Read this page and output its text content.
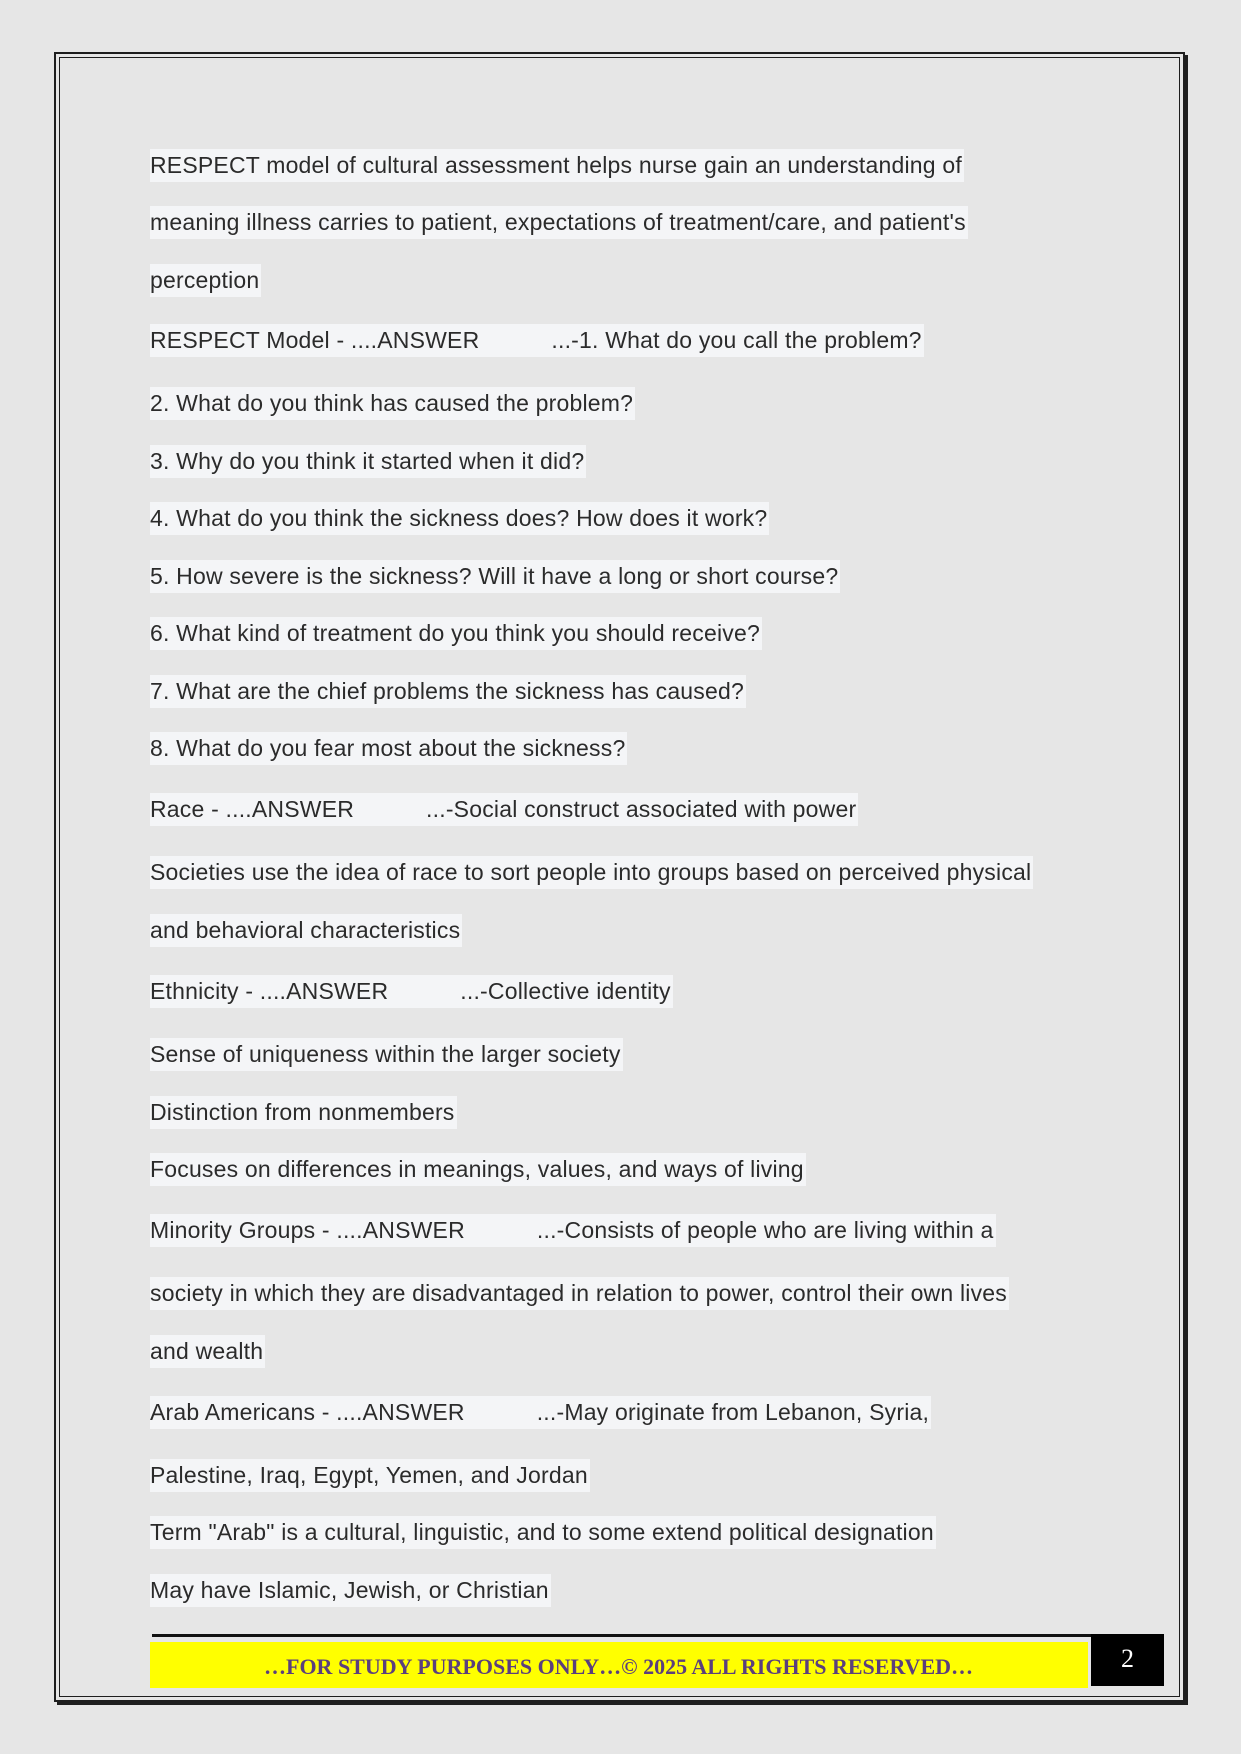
RESPECT model of cultural assessment helps nurse gain an understanding of
meaning illness carries to patient, expectations of treatment/care, and patient's
perception
RESPECT Model - ....ANSWER	...-1. What do you call the problem?
2. What do you think has caused the problem?
3. Why do you think it started when it did?
4. What do you think the sickness does? How does it work?
5. How severe is the sickness? Will it have a long or short course?
6. What kind of treatment do you think you should receive?
7. What are the chief problems the sickness has caused?
8. What do you fear most about the sickness?
Race - ....ANSWER	...-Social construct associated with power
Societies use the idea of race to sort people into groups based on perceived physical
and behavioral characteristics
Ethnicity - ....ANSWER	...-Collective identity
Sense of uniqueness within the larger society
Distinction from nonmembers
Focuses on differences in meanings, values, and ways of living
Minority Groups - ....ANSWER	...-Consists of people who are living within a
society in which they are disadvantaged in relation to power, control their own lives
and wealth
Arab Americans - ....ANSWER	...-May originate from Lebanon, Syria,
Palestine, Iraq, Egypt, Yemen, and Jordan
Term "Arab" is a cultural, linguistic, and to some extend political designation
May have Islamic, Jewish, or Christian
…FOR STUDY PURPOSES ONLY…© 2025 ALL RIGHTS RESERVED…	2
